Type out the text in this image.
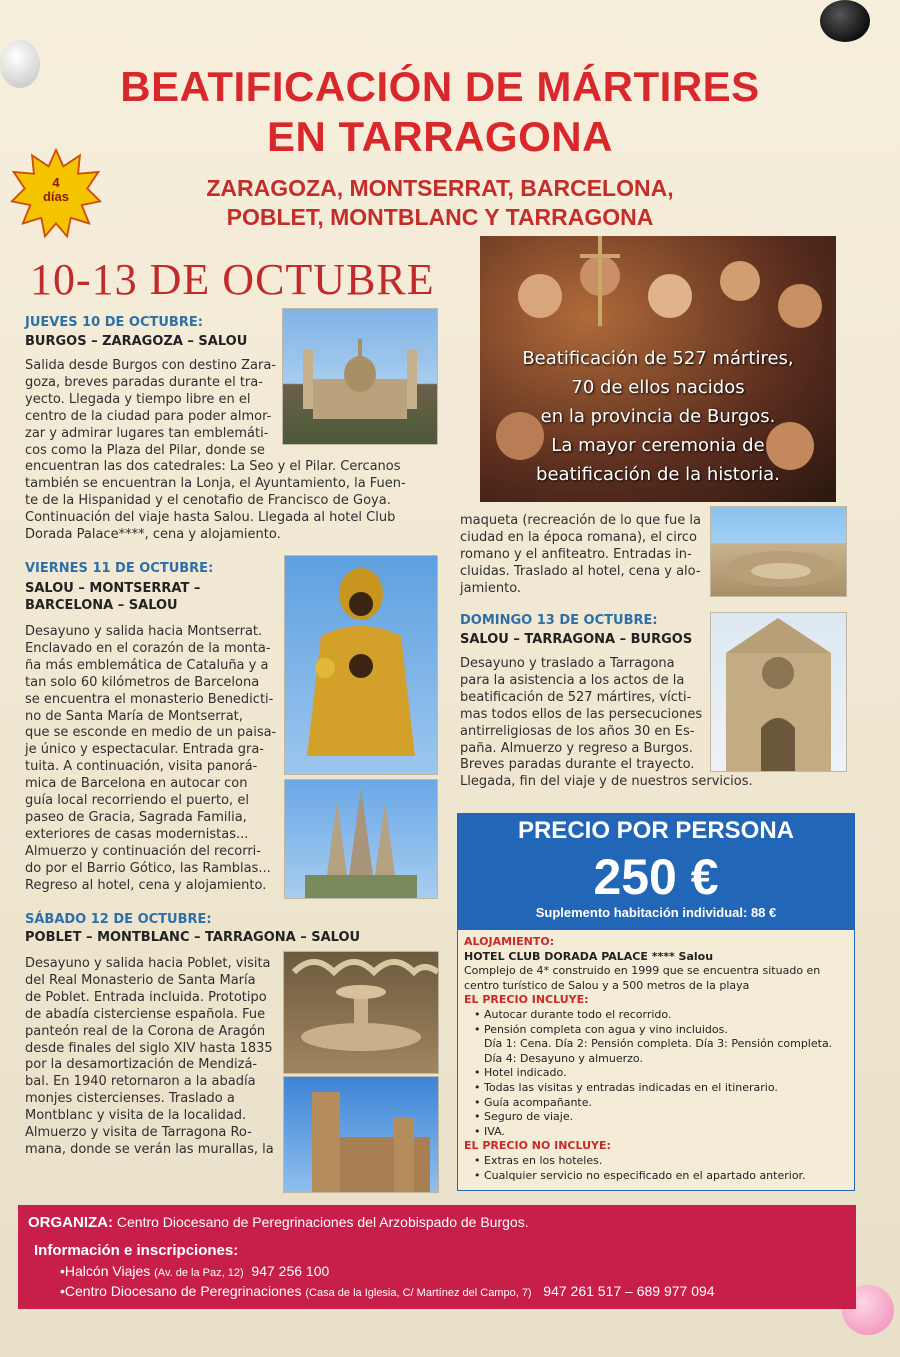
BEATIFICACIÓN DE MÁRTIRES
EN TARRAGONA
4
días	ZARAGOZA, MONTSERRAT, BARCELONA,
POBLET, MONTBLANC Y TARRAGONA
10-13 DE OCTUBRE
Beatificación de 527 mártires,
70 de ellos nacidos
en la provincia de Burgos.
La mayor ceremonia de
beatificación de la historia.
JUEVES 10 DE OCTUBRE:
BURGOS – ZARAGOZA – SALOU
Salida desde Burgos con destino Zara-
goza, breves paradas durante el tra-
yecto. Llegada y tiempo libre en el
centro de la ciudad para poder almor-
zar y admirar lugares tan emblemáti-
cos como la Plaza del Pilar, donde se
encuentran las dos catedrales: La Seo y el Pilar. Cercanos
también se encuentran la Lonja, el Ayuntamiento, la Fuen-
te de la Hispanidad y el cenotafio de Francisco de Goya.
Continuación del viaje hasta Salou. Llegada al hotel Club
Dorada Palace****, cena y alojamiento.
VIERNES 11 DE OCTUBRE:
SALOU – MONTSERRAT –
BARCELONA – SALOU
Desayuno y salida hacia Montserrat.
Enclavado en el corazón de la monta-
ña más emblemática de Cataluña y a
tan solo 60 kilómetros de Barcelona
se encuentra el monasterio Benedicti-
no de Santa María de Montserrat,
que se esconde en medio de un paisa-
je único y espectacular. Entrada gra-
tuita. A continuación, visita panorá-
mica de Barcelona en autocar con
guía local recorriendo el puerto, el
paseo de Gracia, Sagrada Familia,
exteriores de casas modernistas...
Almuerzo y continuación del recorri-
do por el Barrio Gótico, las Ramblas...
Regreso al hotel, cena y alojamiento.
SÁBADO 12 DE OCTUBRE:
POBLET – MONTBLANC – TARRAGONA – SALOU
Desayuno y salida hacia Poblet, visita
del Real Monasterio de Santa María
de Poblet. Entrada incluida. Prototipo
de abadía cisterciense española. Fue
panteón real de la Corona de Aragón
desde finales del siglo XIV hasta 1835
por la desamortización de Mendizá-
bal. En 1940 retornaron a la abadía
monjes cistercienses. Traslado a
Montblanc y visita de la localidad.
Almuerzo y visita de Tarragona Ro-
mana, donde se verán las murallas, la
maqueta (recreación de lo que fue la
ciudad en la época romana), el circo
romano y el anfiteatro. Entradas in-
cluidas. Traslado al hotel, cena y alo-
jamiento.
DOMINGO 13 DE OCTUBRE:
SALOU – TARRAGONA – BURGOS
Desayuno y traslado a Tarragona
para la asistencia a los actos de la
beatificación de 527 mártires, vícti-
mas todos ellos de las persecuciones
antirreligiosas de los años 30 en Es-
paña. Almuerzo y regreso a Burgos.
Breves paradas durante el trayecto.
Llegada, fin del viaje y de nuestros servicios.
PRECIO POR PERSONA
250 €
Suplemento habitación individual: 88 €
ALOJAMIENTO:
HOTEL CLUB DORADA PALACE **** Salou
Complejo de 4* construido en 1999 que se encuentra situado en
centro turístico de Salou y a 500 metros de la playa
EL PRECIO INCLUYE:
• Autocar durante todo el recorrido.
• Pensión completa con agua y vino incluidos.
Día 1: Cena. Día 2: Pensión completa. Día 3: Pensión completa.
Día 4: Desayuno y almuerzo.
• Hotel indicado.
• Todas las visitas y entradas indicadas en el itinerario.
• Guía acompañante.
• Seguro de viaje.
• IVA.
EL PRECIO NO INCLUYE:
• Extras en los hoteles.
• Cualquier servicio no especificado en el apartado anterior.
ORGANIZA: Centro Diocesano de Peregrinaciones del Arzobispado de Burgos.
Información e inscripciones:
•Halcón Viajes (Av. de la Paz, 12) 947 256 100
•Centro Diocesano de Peregrinaciones (Casa de la Iglesia, C/ Martínez del Campo, 7) 947 261 517 – 689 977 094
